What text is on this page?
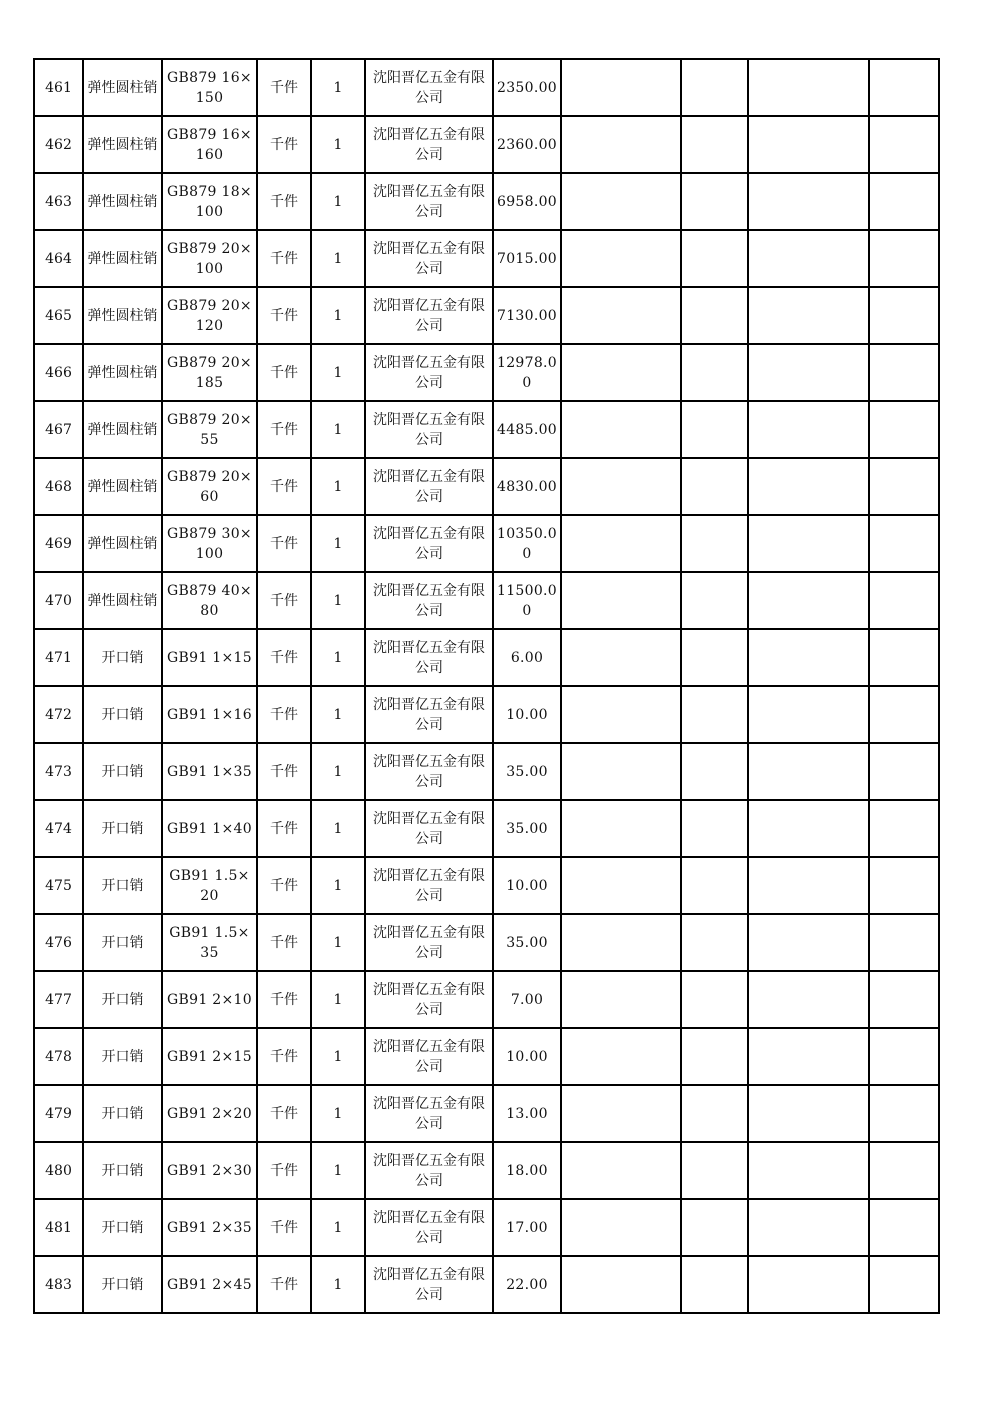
461	弹性圆柱销	GB879 16×150	千件	1	沈阳晋亿五金有限公司	2350.00				
462	弹性圆柱销	GB879 16×160	千件	1	沈阳晋亿五金有限公司	2360.00				
463	弹性圆柱销	GB879 18×100	千件	1	沈阳晋亿五金有限公司	6958.00				
464	弹性圆柱销	GB879 20×100	千件	1	沈阳晋亿五金有限公司	7015.00				
465	弹性圆柱销	GB879 20×120	千件	1	沈阳晋亿五金有限公司	7130.00				
466	弹性圆柱销	GB879 20×185	千件	1	沈阳晋亿五金有限公司	12978.00				
467	弹性圆柱销	GB879 20×55	千件	1	沈阳晋亿五金有限公司	4485.00				
468	弹性圆柱销	GB879 20×60	千件	1	沈阳晋亿五金有限公司	4830.00				
469	弹性圆柱销	GB879 30×100	千件	1	沈阳晋亿五金有限公司	10350.00				
470	弹性圆柱销	GB879 40×80	千件	1	沈阳晋亿五金有限公司	11500.00				
471	开口销	GB91 1×15	千件	1	沈阳晋亿五金有限公司	6.00				
472	开口销	GB91 1×16	千件	1	沈阳晋亿五金有限公司	10.00				
473	开口销	GB91 1×35	千件	1	沈阳晋亿五金有限公司	35.00				
474	开口销	GB91 1×40	千件	1	沈阳晋亿五金有限公司	35.00				
475	开口销	GB91 1.5×20	千件	1	沈阳晋亿五金有限公司	10.00				
476	开口销	GB91 1.5×35	千件	1	沈阳晋亿五金有限公司	35.00				
477	开口销	GB91 2×10	千件	1	沈阳晋亿五金有限公司	7.00				
478	开口销	GB91 2×15	千件	1	沈阳晋亿五金有限公司	10.00				
479	开口销	GB91 2×20	千件	1	沈阳晋亿五金有限公司	13.00				
480	开口销	GB91 2×30	千件	1	沈阳晋亿五金有限公司	18.00				
481	开口销	GB91 2×35	千件	1	沈阳晋亿五金有限公司	17.00				
483	开口销	GB91 2×45	千件	1	沈阳晋亿五金有限公司	22.00				
